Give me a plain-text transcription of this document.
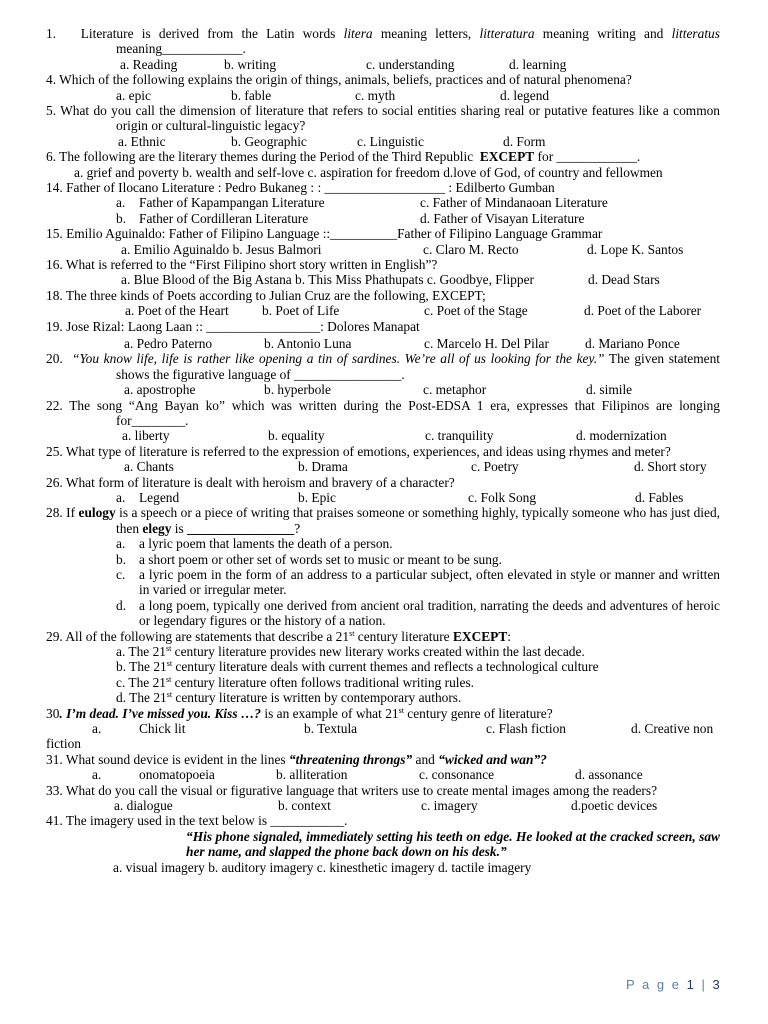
1. Literature is derived from the Latin words litera meaning letters, litteratura meaning writing and litteratus meaning____________.
a. Reading	b. writing	c. understanding	d. learning
4. Which of the following explains the origin of things, animals, beliefs, practices and of natural phenomena?
a. epic	b. fable	c. myth	d. legend
5. What do you call the dimension of literature that refers to social entities sharing real or putative features like a common origin or cultural-linguistic legacy?
a. Ethnic	b. Geographic	c. Linguistic	d. Form
6. The following are the literary themes during the Period of the Third Republic EXCEPT for ____________.
a. grief and poverty b. wealth and self-love c. aspiration for freedom d.love of God, of country and fellowmen
14. Father of Ilocano Literature : Pedro Bukaneg : : __________________ : Edilberto Gumban
a. Father of Kapampangan Literature	c. Father of Mindanaoan Literature
b. Father of Cordilleran Literature	d. Father of Visayan Literature
15. Emilio Aguinaldo: Father of Filipino Language ::__________Father of Filipino Language Grammar
a. Emilio Aguinaldo b. Jesus Balmori	c. Claro M. Recto	d. Lope K. Santos
16. What is referred to the “First Filipino short story written in English”?
a. Blue Blood of the Big Astana b. This Miss Phathupats c. Goodbye, Flipper	d. Dead Stars
18. The three kinds of Poets according to Julian Cruz are the following, EXCEPT;
a. Poet of the Heart b. Poet of Life	c. Poet of the Stage	d. Poet of the Laborer
19. Jose Rizal: Laong Laan :: _________________: Dolores Manapat
a. Pedro Paterno	b. Antonio Luna	c. Marcelo H. Del Pilar	d. Mariano Ponce
20. “You know life, life is rather like opening a tin of sardines. We’re all of us looking for the key.” The given statement shows the figurative language of ________________.
a. apostrophe	b. hyperbole	c. metaphor	d. simile
22. The song “Ang Bayan ko” which was written during the Post-EDSA 1 era, expresses that Filipinos are longing for________.
a. liberty	b. equality	c. tranquility	d. modernization
25. What type of literature is referred to the expression of emotions, experiences, and ideas using rhymes and meter?
a. Chants	b. Drama	c. Poetry	d. Short story
26. What form of literature is dealt with heroism and bravery of a character?
a. Legend	b. Epic	c. Folk Song	d. Fables
28. If eulogy is a speech or a piece of writing that praises someone or something highly, typically someone who has just died, then elegy is ________________?
a.	a lyric poem that laments the death of a person.
b. a short poem or other set of words set to music or meant to be sung.
c.	a lyric poem in the form of an address to a particular subject, often elevated in style or manner and written in varied or irregular meter.
d. a long poem, typically one derived from ancient oral tradition, narrating the deeds and adventures of heroic or legendary figures or the history of a nation.
29. All of the following are statements that describe a 21st century literature EXCEPT:
a. The 21st century literature provides new literary works created within the last decade.
b. The 21st century literature deals with current themes and reflects a technological culture
c. The 21st century literature often follows traditional writing rules.
d. The 21st century literature is written by contemporary authors.
30. I’m dead. I’ve missed you. Kiss …? is an example of what 21st century genre of literature?
a.	Chick lit	b. Textula	c. Flash fiction	d. Creative non
fiction
31. What sound device is evident in the lines “threatening throngs” and “wicked and wan”?
a.	onomatopoeia	b. alliteration	c. consonance	d. assonance
33. What do you call the visual or figurative language that writers use to create mental images among the readers?
a. dialogue	b. context	c. imagery	d.poetic devices
41. The imagery used in the text below is ___________.
“His phone signaled, immediately setting his teeth on edge. He looked at the cracked screen, saw her name, and slapped the phone back down on his desk.”
a. visual imagery b. auditory imagery c. kinesthetic imagery d. tactile imagery
P a g e 1 | 3
